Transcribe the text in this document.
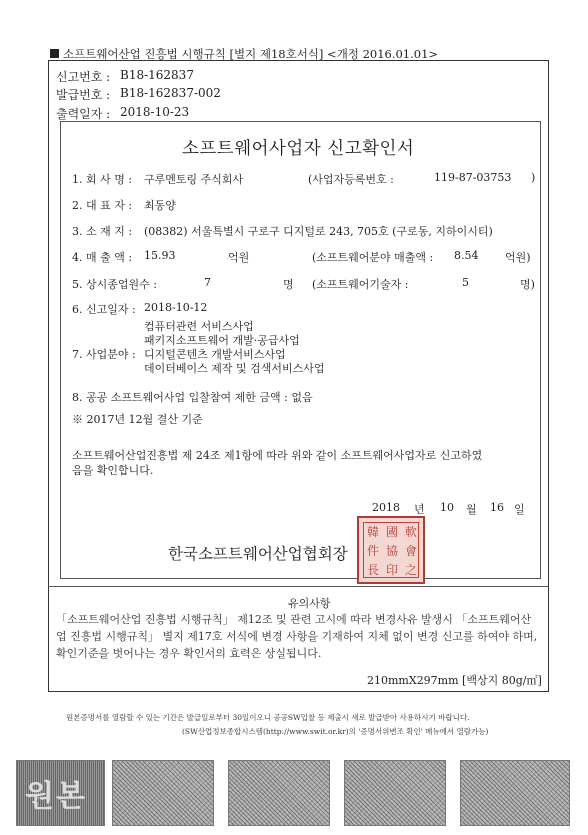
소프트웨어산업 진흥법 시행규칙 [별지 제18호서식] <개정 2016.01.01>
신고번호 : B18-162837
발급번호 : B18-162837-002
출력일자 : 2018-10-23
소프트웨어사업자 신고확인서
1. 회 사 명 : 구루멘토링 주식회사	(사업자등록번호 :	119-87-03753 )
2. 대 표 자 : 최동양
3. 소 재 지 : (08382) 서울특별시 구로구 디지털로 243, 705호 (구로동, 지하이시티)
4. 매 출 액 : 15.93	억원	(소프트웨어분야 매출액 : 8.54 억원)
5. 상시종업원수 :	7	명 (소프트웨어기술자 :	5	명)
6. 신고일자 : 2018-10-12
7. 사업분야 :
컴퓨터관련 서비스사업
패키지소프트웨어 개발·공급사업
디지털콘텐츠 개발서비스사업
데이터베이스 제작 및 검색서비스사업
8. 공공 소프트웨어사업 입찰참여 제한 금액 : 없음
※ 2017년 12월 결산 기준
소프트웨어산업진흥법 제 24조 제1항에 따라 위와 같이 소프트웨어사업자로 신고하였
음을 확인합니다.
2018 년 10 월 16 일
한국소프트웨어산업협회장
韓 國 軟
件 協 會
長 印 之
유의사항
「소프트웨어산업 진흥법 시행규칙」 제12조 및 관련 고시에 따라 변경사유 발생시 「소프트웨어산업 진흥법 시행규칙」 별지 제17호 서식에 변경 사항을 기재하여 지체 없이 변경 신고를 하여야 하며, 확인기준을 벗어나는 경우 확인서의 효력은 상실됩니다.
210mmX297mm [백상지 80g/㎡]
원본증명서를 열람할 수 있는 기간은 발급일로부터 30일이오니 공공SW입찰 등 제출시 새로 발급받아 사용하시기 바랍니다.
(SW산업정보종합시스템(http://www.swit.or.kr)의 '증명서위변조 확인' 메뉴에서 열람가능)
원본
